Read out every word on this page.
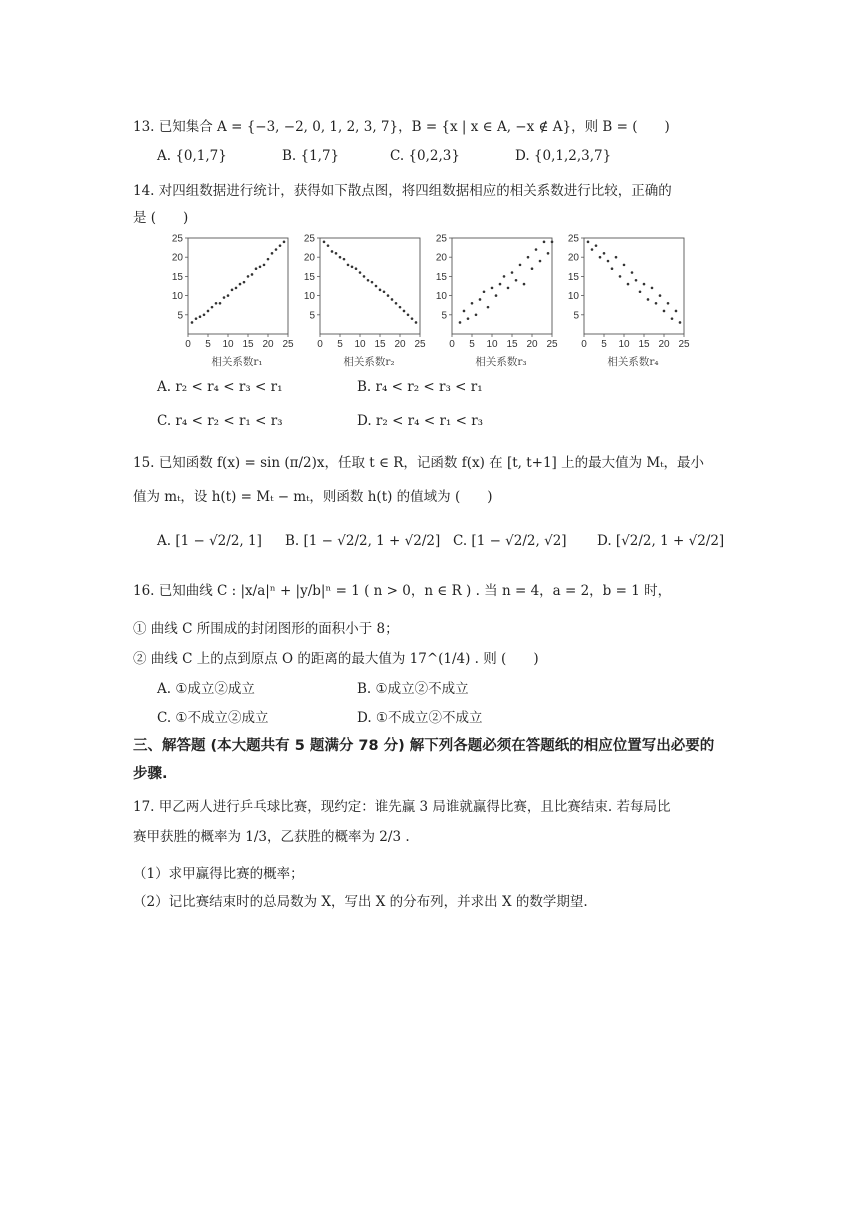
13. 已知集合 A = {−3, −2, 0, 1, 2, 3, 7}，B = {x | x ∈ A, −x ∉ A}，则 B = (　　)
A. {0,1,7}	B. {1,7}	C. {0,2,3}	D. {0,1,2,3,7}
14. 对四组数据进行统计，获得如下散点图，将四组数据相应的相关系数进行比较，正确的
是 (　　)
0 5 10 15 20 25
5
10
15
20
25
0 5 10 15 20 25
5
10
15
20
25
0 5 10 15 20 25
5
10
15
20
25
0 5 10 15 20 25
5
10
15
20
25
相关系数r₁	相关系数r₂	相关系数r₃	相关系数r₄
A. r₂ < r₄ < r₃ < r₁	B. r₄ < r₂ < r₃ < r₁
C. r₄ < r₂ < r₁ < r₃	D. r₂ < r₄ < r₁ < r₃
15. 已知函数 f(x) = sin (π/2)x，任取 t ∈ R，记函数 f(x) 在 [t, t+1] 上的最大值为 Mₜ，最小
值为 mₜ，设 h(t) = Mₜ − mₜ，则函数 h(t) 的值域为 (　　)
A. [1 − √2/2, 1] B. [1 − √2/2, 1 + √2/2] C. [1 − √2/2, √2] D. [√2/2, 1 + √2/2]
16. 已知曲线 C : |x/a|ⁿ + |y/b|ⁿ = 1 ( n > 0，n ∈ R ) . 当 n = 4，a = 2，b = 1 时，
① 曲线 C 所围成的封闭图形的面积小于 8；
② 曲线 C 上的点到原点 O 的距离的最大值为 17^(1/4) . 则 (　　)
A. ①成立②成立	B. ①成立②不成立
C. ①不成立②成立	D. ①不成立②不成立
三、解答题 (本大题共有 5 题满分 78 分) 解下列各题必须在答题纸的相应位置写出必要的
步骤.
17. 甲乙两人进行乒乓球比赛，现约定：谁先赢 3 局谁就赢得比赛，且比赛结束. 若每局比
赛甲获胜的概率为 1/3，乙获胜的概率为 2/3 .
（1）求甲赢得比赛的概率；
（2）记比赛结束时的总局数为 X，写出 X 的分布列，并求出 X 的数学期望.
